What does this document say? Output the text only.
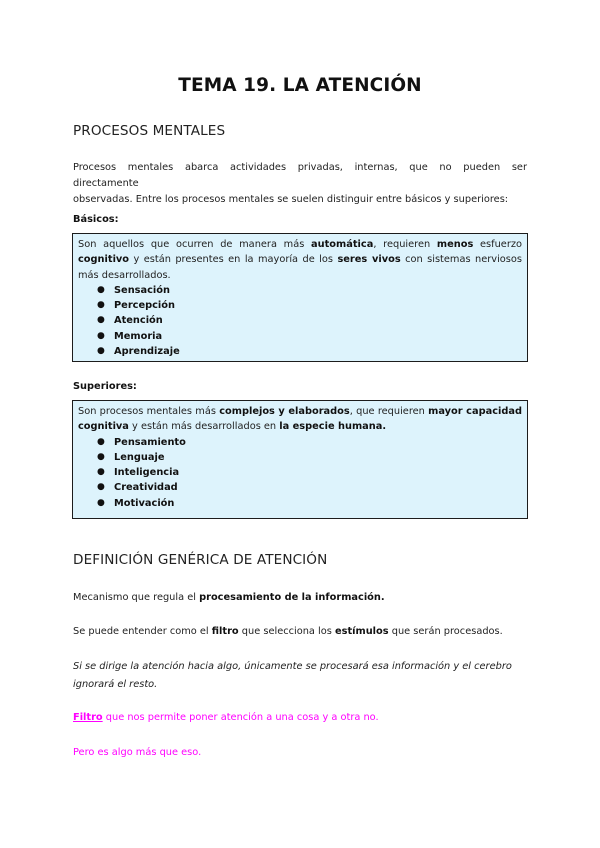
TEMA 19. LA ATENCIÓN
PROCESOS MENTALES
Procesos mentales abarca actividades privadas, internas, que no pueden ser directamente
observadas. Entre los procesos mentales se suelen distinguir entre básicos y superiores:
Básicos:

Son aquellos que ocurren de manera más automática, requieren menos esfuerzo cognitivo y están presentes en la mayoría de los seres vivos con sistemas nerviosos más desarrollados.

● Sensación
● Percepción
● Atención
● Memoria
● Aprendizaje
Superiores:

Son procesos mentales más complejos y elaborados, que requieren mayor capacidad cognitiva y están más desarrollados en la especie humana.

● Pensamiento
● Lenguaje
● Inteligencia
● Creatividad
● Motivación
DEFINICIÓN GENÉRICA DE ATENCIÓN
Mecanismo que regula el procesamiento de la información.
Se puede entender como el filtro que selecciona los estímulos que serán procesados.
Si se dirige la atención hacia algo, únicamente se procesará esa información y el cerebro ignorará el resto.
Filtro que nos permite poner atención a una cosa y a otra no.
Pero es algo más que eso.
